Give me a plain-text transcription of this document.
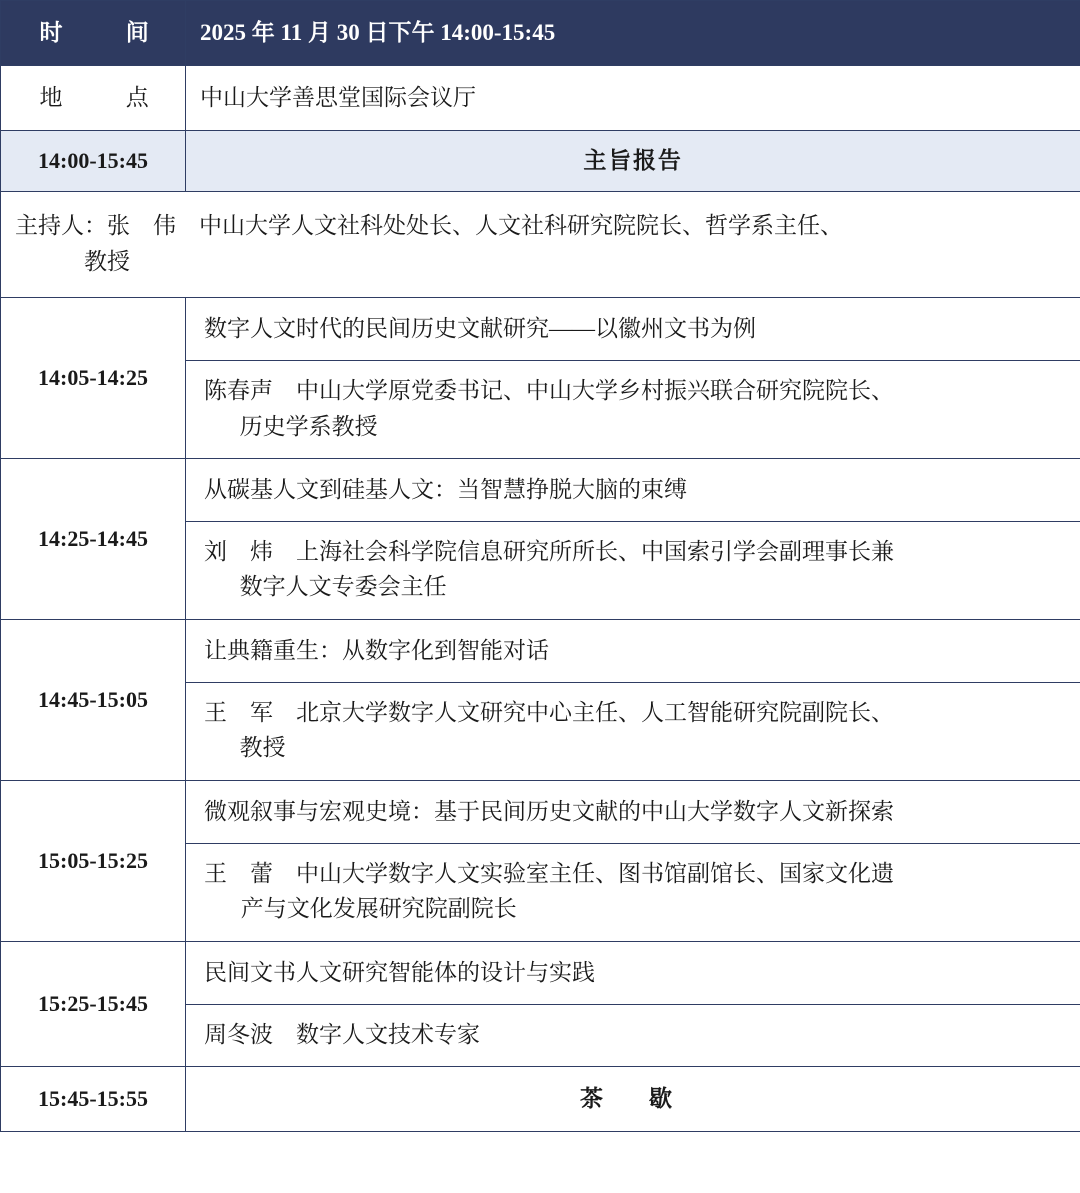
时　　间	2025 年 11 月 30 日下午 14:00-15:45
地　　点	中山大学善思堂国际会议厅
14:00-15:45	主旨报告

主持人：张　伟　中山大学人文社科处处长、人文社科研究院院长、哲学系主任、
教授	

14:05-14:25	数字人文时代的民间历史文献研究——以徽州文书为例

	陈春声　中山大学原党委书记、中山大学乡村振兴联合研究院院长、
历史学系教授

14:25-14:45	从碳基人文到硅基人文：当智慧挣脱大脑的束缚

	刘　炜　上海社会科学院信息研究所所长、中国索引学会副理事长兼
数字人文专委会主任

14:45-15:05	让典籍重生：从数字化到智能对话

	王　军　北京大学数字人文研究中心主任、人工智能研究院副院长、
教授

15:05-15:25	微观叙事与宏观史境：基于民间历史文献的中山大学数字人文新探索

	王　蕾　中山大学数字人文实验室主任、图书馆副馆长、国家文化遗
产与文化发展研究院副院长

15:25-15:45	民间文书人文研究智能体的设计与实践

	周冬波　数字人文技术专家

15:45-15:55	茶　歇
